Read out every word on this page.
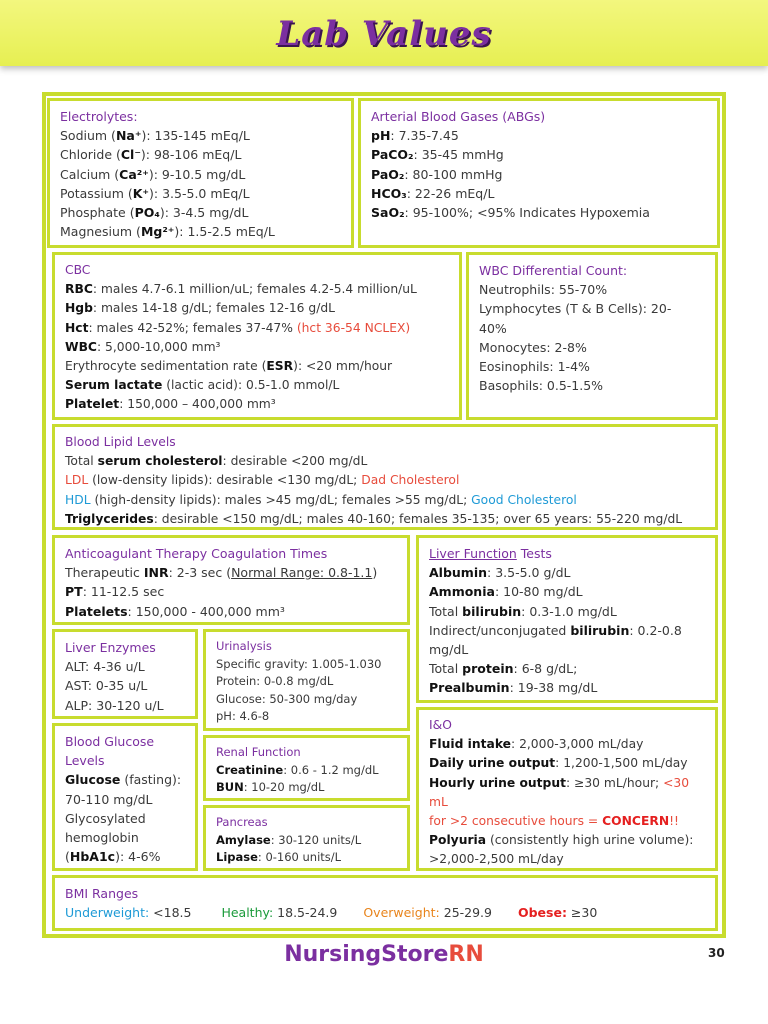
Lab Values
Electrolytes:
Sodium (Na⁺): 135-145 mEq/L
Chloride (Cl⁻): 98-106 mEq/L
Calcium (Ca²⁺): 9-10.5 mg/dL
Potassium (K⁺): 3.5-5.0 mEq/L
Phosphate (PO₄): 3-4.5 mg/dL
Magnesium (Mg²⁺): 1.5-2.5 mEq/L
Arterial Blood Gases (ABGs)
pH: 7.35-7.45
PaCO₂: 35-45 mmHg
PaO₂: 80-100 mmHg
HCO₃: 22-26 mEq/L
SaO₂: 95-100%; <95% Indicates Hypoxemia
CBC
RBC: males 4.7-6.1 million/uL; females 4.2-5.4 million/uL
Hgb: males 14-18 g/dL; females 12-16 g/dL
Hct: males 42-52%; females 37-47% (hct 36-54 NCLEX)
WBC: 5,000-10,000 mm³
Erythrocyte sedimentation rate (ESR): <20 mm/hour
Serum lactate (lactic acid): 0.5-1.0 mmol/L
Platelet: 150,000 – 400,000 mm³
WBC Differential Count:
Neutrophils: 55-70%
Lymphocytes (T & B Cells): 20-
40%
Monocytes: 2-8%
Eosinophils: 1-4%
Basophils: 0.5-1.5%
Blood Lipid Levels
Total serum cholesterol: desirable <200 mg/dL
LDL (low-density lipids): desirable <130 mg/dL; Dad Cholesterol
HDL (high-density lipids): males >45 mg/dL; females >55 mg/dL; Good Cholesterol
Triglycerides: desirable <150 mg/dL; males 40-160; females 35-135; over 65 years: 55-220 mg/dL
Anticoagulant Therapy Coagulation Times
Therapeutic INR: 2-3 sec (Normal Range: 0.8-1.1)
PT: 11-12.5 sec
Platelets: 150,000 - 400,000 mm³
Liver Function Tests
Albumin: 3.5-5.0 g/dL
Ammonia: 10-80 mg/dL
Total bilirubin: 0.3-1.0 mg/dL
Indirect/unconjugated bilirubin: 0.2-0.8
mg/dL
Total protein: 6-8 g/dL;
Prealbumin: 19-38 mg/dL
Liver Enzymes
ALT: 4-36 u/L
AST: 0-35 u/L
ALP: 30-120 u/L
Urinalysis
Specific gravity: 1.005-1.030
Protein: 0-0.8 mg/dL
Glucose: 50-300 mg/day
pH: 4.6-8
Blood Glucose
Levels
Glucose (fasting):
70-110 mg/dL
Glycosylated
hemoglobin
(HbA1c): 4-6%
Renal Function
Creatinine: 0.6 - 1.2 mg/dL
BUN: 10-20 mg/dL
Pancreas
Amylase: 30-120 units/L
Lipase: 0-160 units/L
I&O
Fluid intake: 2,000-3,000 mL/day
Daily urine output: 1,200-1,500 mL/day
Hourly urine output: ≥30 mL/hour; <30 mL
for >2 consecutive hours = CONCERN!!
Polyuria (consistently high urine volume):
>2,000-2,500 mL/day
BMI Ranges
Underweight: <18.5 Healthy: 18.5-24.9 Overweight: 25-29.9 Obese: ≥30
NursingStoreRN	30
